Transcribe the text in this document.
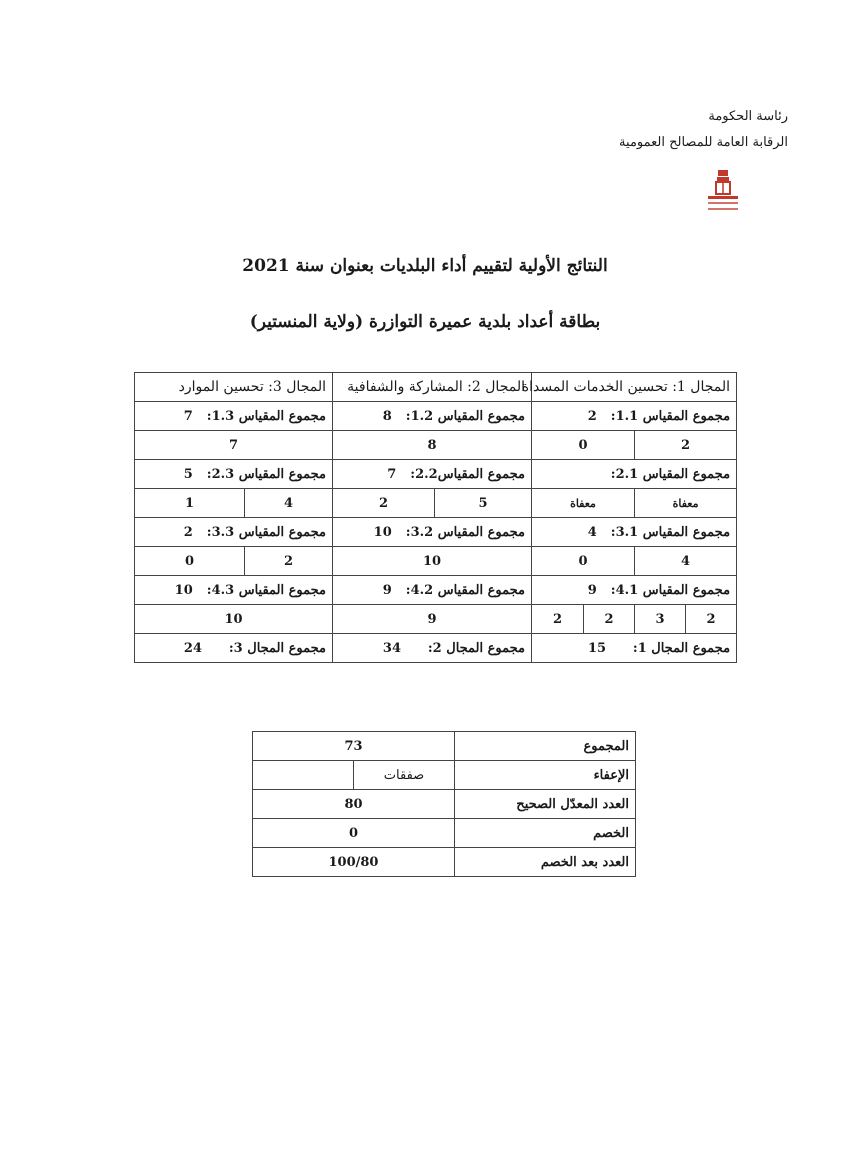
رئاسة الحكومة
الرقابة العامة للمصالح العمومية
النتائج الأولية لتقييم أداء البلديات بعنوان سنة 2021
بطاقة أعداد بلدية عميرة التوازرة (ولاية المنستير)
المجال 1: تحسين الخدمات المسداة				المجال 2: المشاركة والشفافية		المجال 3: تحسين الموارد	
مجموع المقياس 1.1:2				مجموع المقياس 1.2:8		مجموع المقياس 1.3:7	
2		0		8		7	
مجموع المقياس 2.1:				مجموع المقياس2.2:7		مجموع المقياس 2.3:5	
معفاة		معفاة		5	2	4	1
مجموع المقياس 3.1:4				مجموع المقياس 3.2:10		مجموع المقياس 3.3:2	
4		0		10		2	0
مجموع المقياس 4.1:9				مجموع المقياس 4.2:9		مجموع المقياس 4.3:10	
2	3	2	2	9		10	
مجموع المجال 1:15				مجموع المجال 2:34		مجموع المجال 3:24	
المجموع	73	
الإعفاء	صفقات	
العدد المعدّل الصحيح	80	
الخصم	0	
العدد بعد الخصم	100/80	
